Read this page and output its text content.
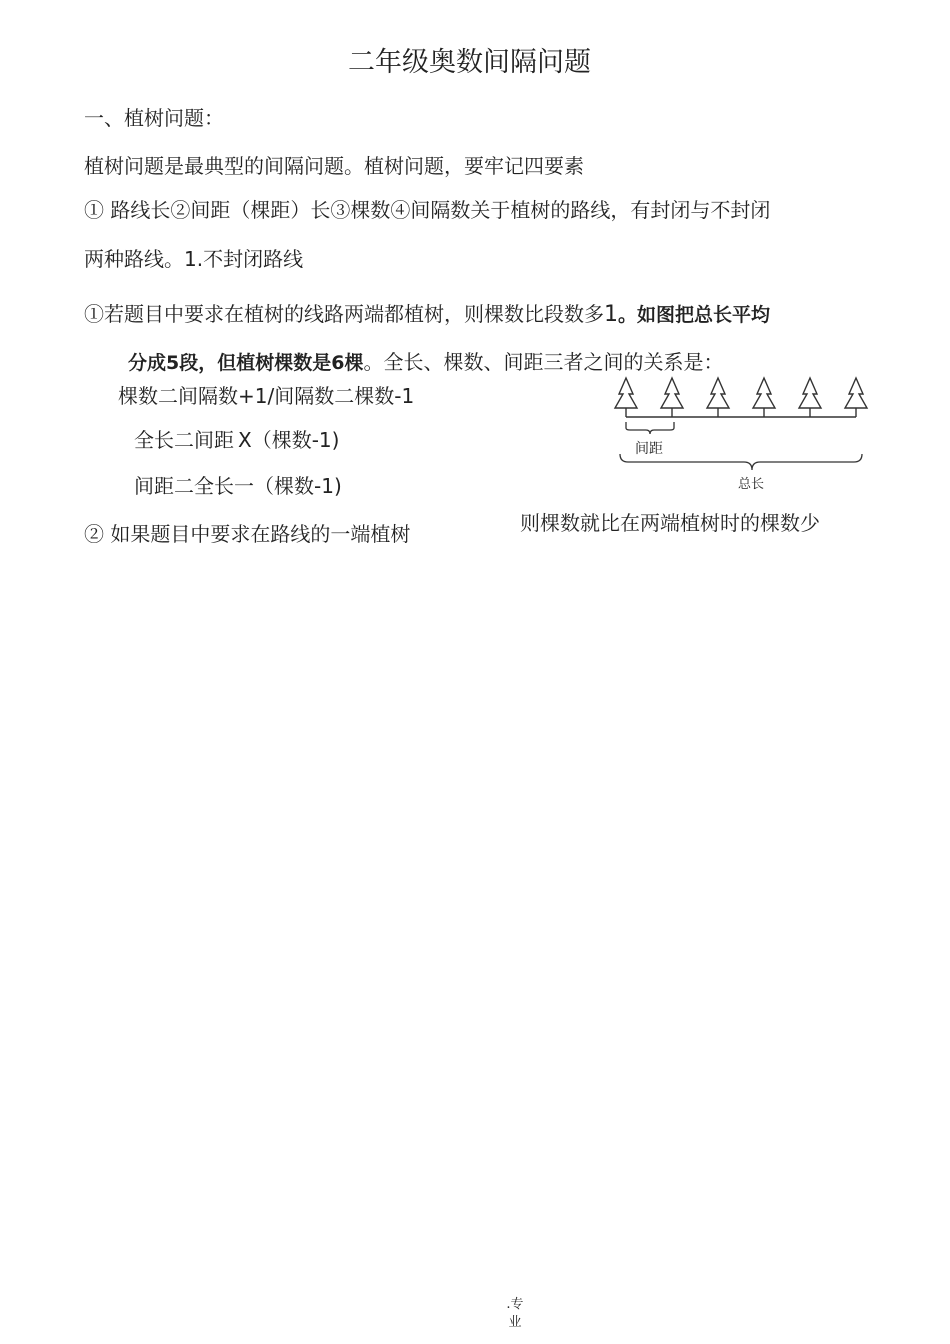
二年级奥数间隔问题
一、植树问题：
植树问题是最典型的间隔问题。植树问题，要牢记四要素
① 路线长②间距（棵距）长③棵数④间隔数关于植树的路线，有封闭与不封闭
两种路线。1.不封闭路线
①若题目中要求在植树的线路两端都植树，则棵数比段数多1。如图把总长平均
分成5段，但植树棵数是6棵。全长、棵数、间距三者之间的关系是：
棵数二间隔数+1/间隔数二棵数-1
全长二间距 X（棵数-1)
间距二全长一（棵数-1)
② 如果题目中要求在路线的一端植树	则棵数就比在两端植树时的棵数少
间距
总长
.专
业
